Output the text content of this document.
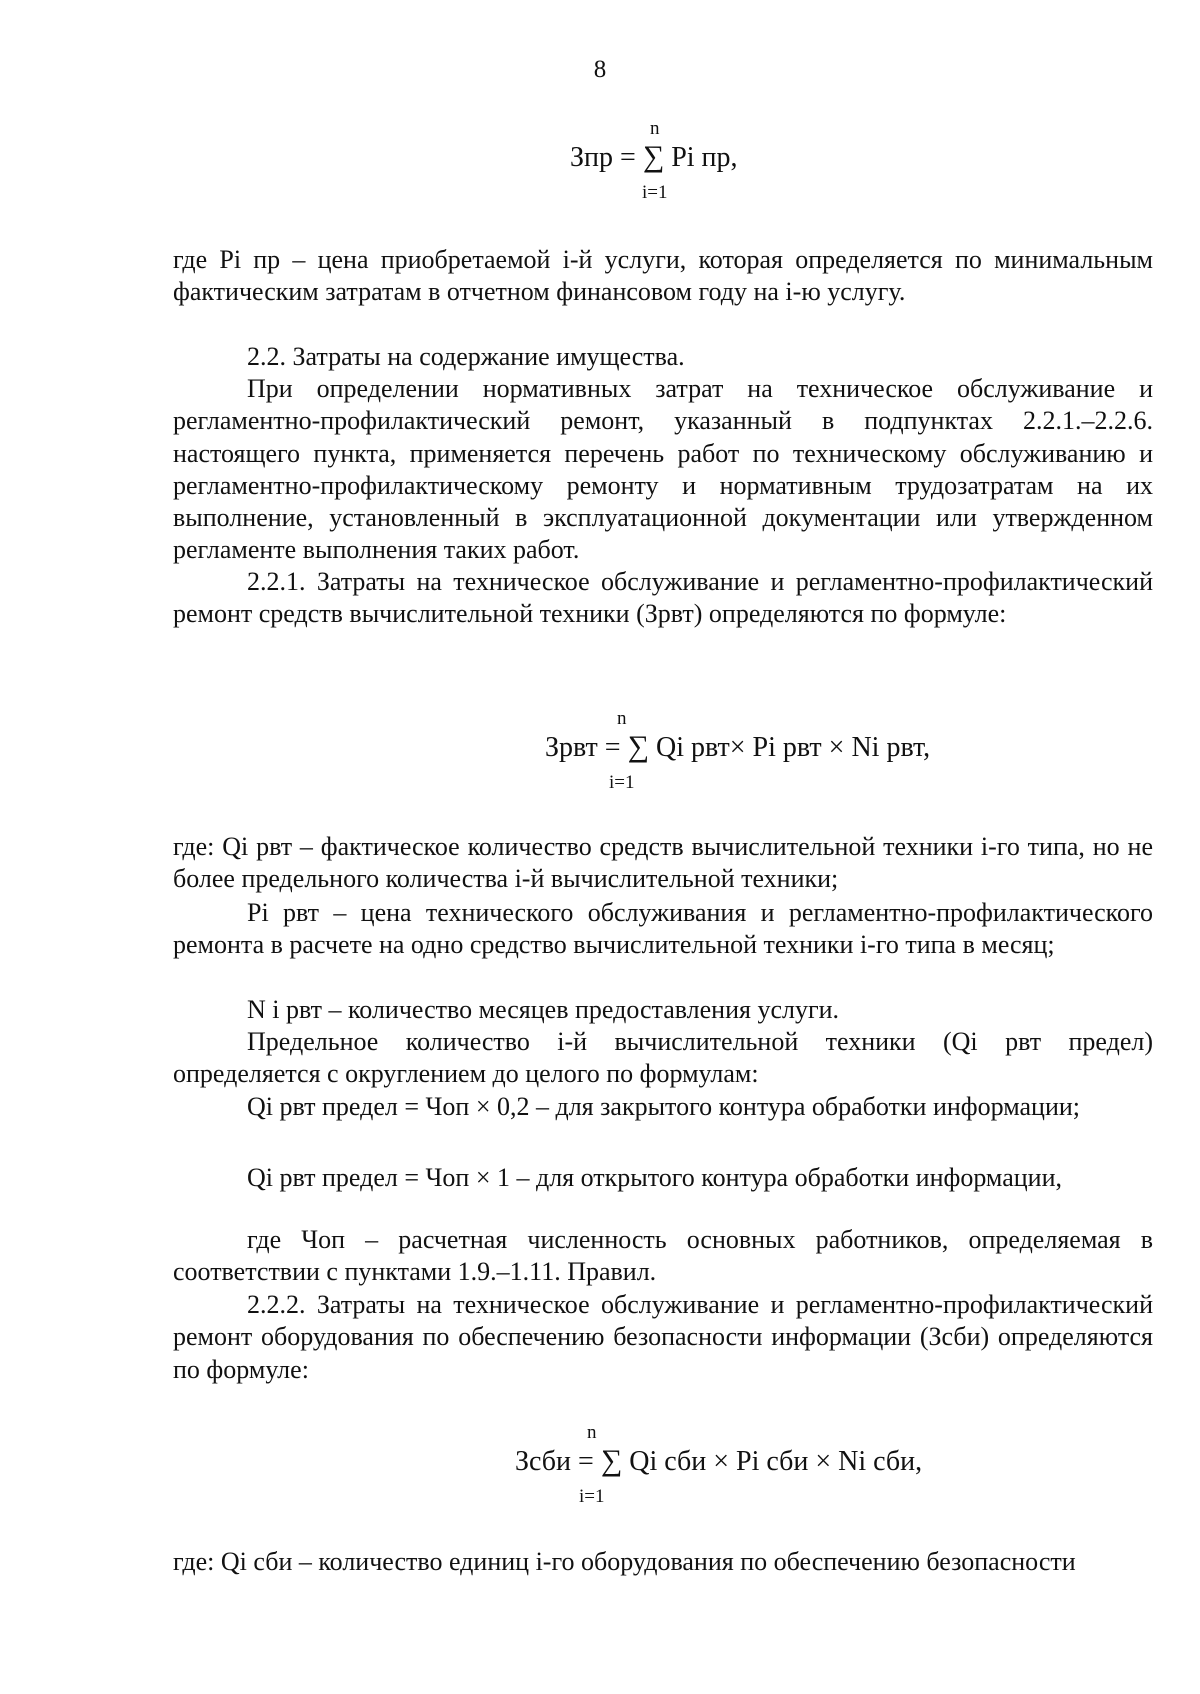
8
Зпр = ∑ Pi пр,
n
i=1
где Pi пр – цена приобретаемой i-й услуги, которая определяется по минимальным фактическим затратам в отчетном финансовом году на i-ю услугу.
2.2. Затраты на содержание имущества.
При определении нормативных затрат на техническое обслуживание и регламентно-профилактический ремонт, указанный в подпунктах 2.2.1.–2.2.6. настоящего пункта, применяется перечень работ по техническому обслуживанию и регламентно-профилактическому ремонту и нормативным трудозатратам на их выполнение, установленный в эксплуатационной документации или утвержденном регламенте выполнения таких работ.
2.2.1. Затраты на техническое обслуживание и регламентно-профилактический ремонт средств вычислительной техники (Зрвт) определяются по формуле:
Зрвт = ∑ Qi рвт× Pi рвт × Ni рвт,
n
i=1
где: Qi рвт – фактическое количество средств вычислительной техники i-го типа, но не более предельного количества i-й вычислительной техники;
Pi рвт – цена технического обслуживания и регламентно-профилактического ремонта в расчете на одно средство вычислительной техники i-го типа в месяц;
N i рвт – количество месяцев предоставления услуги.
Предельное количество i-й вычислительной техники (Qi рвт предел) определяется с округлением до целого по формулам:
Qi рвт предел = Чоп × 0,2 – для закрытого контура обработки информации;
Qi рвт предел = Чоп × 1 – для открытого контура обработки информации,
где Чоп – расчетная численность основных работников, определяемая в соответствии с пунктами 1.9.–1.11. Правил.
2.2.2. Затраты на техническое обслуживание и регламентно-профилактический ремонт оборудования по обеспечению безопасности информации (Зсби) определяются по формуле:
Зсби = ∑ Qi сби × Pi сби × Ni сби,
n
i=1
где: Qi сби – количество единиц i-го оборудования по обеспечению безопасности
